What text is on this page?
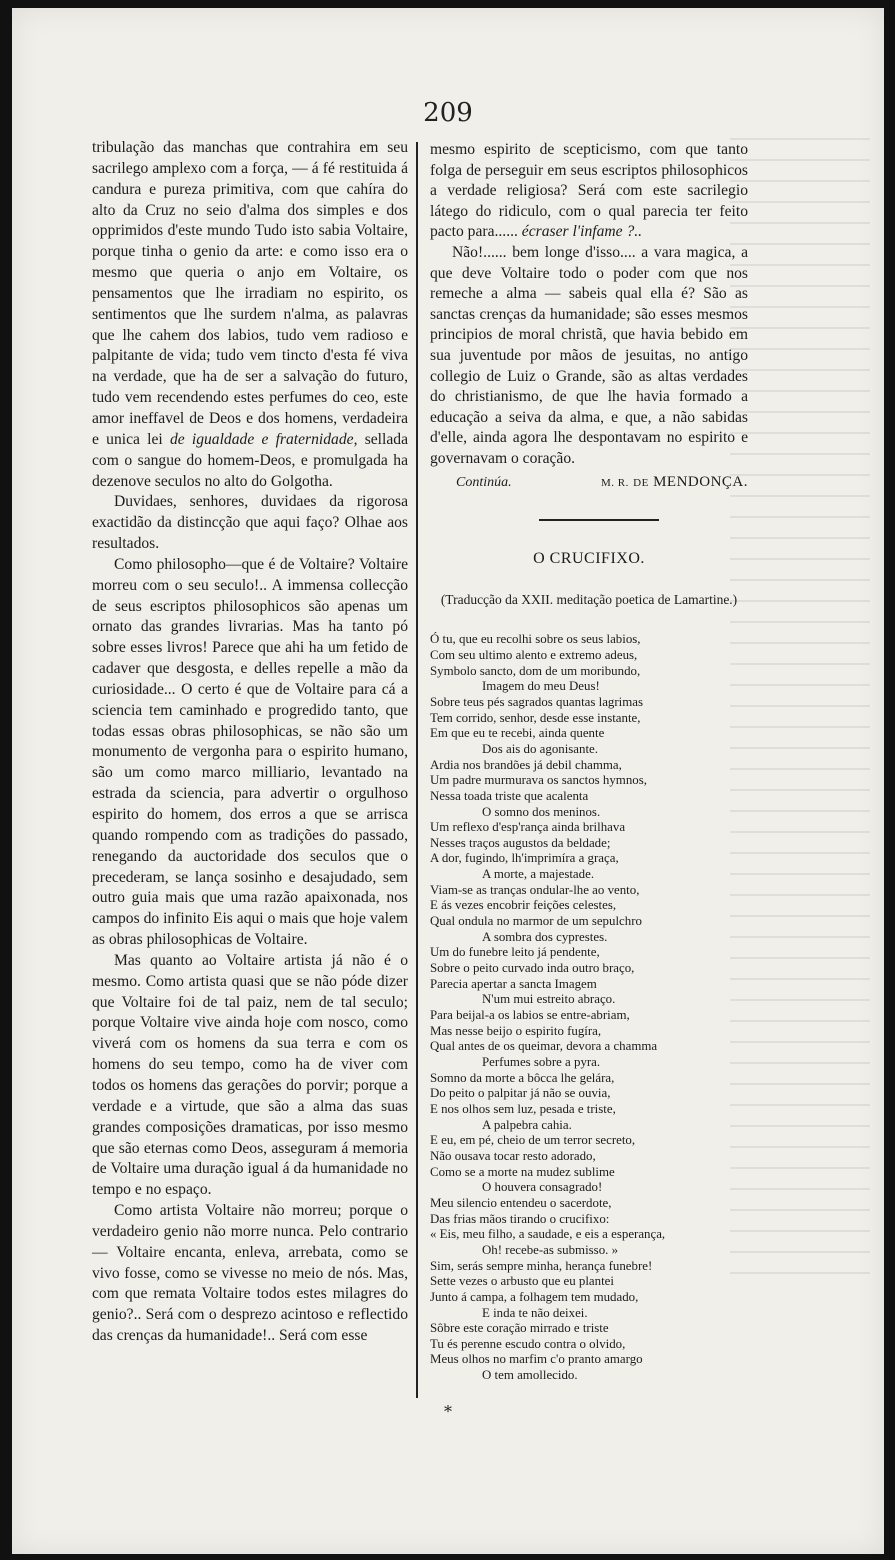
209

tribulação das manchas que contrahira em seu sacrilego amplexo com a força, — á fé restituida á candura e pureza primitiva, com que cahíra do alto da Cruz no seio d'alma dos simples e dos opprimidos d'este mundo Tudo isto sabia Voltaire, porque tinha o genio da arte: e como isso era o mesmo que queria o anjo em Voltaire, os pensamentos que lhe irradiam no espirito, os sentimentos que lhe surdem n'alma, as palavras que lhe cahem dos labios, tudo vem radioso e palpitante de vida; tudo vem tincto d'esta fé viva na verdade, que ha de ser a salvação do futuro, tudo vem recendendo estes perfumes do ceo, este amor ineffavel de Deos e dos homens, verdadeira e unica lei de igualdade e fraternidade, sellada com o sangue do homem-Deos, e promulgada ha dezenove seculos no alto do Golgotha.

Duvidaes, senhores, duvidaes da rigorosa exactidão da distincção que aqui faço? Olhae aos resultados.

Como philosopho—que é de Voltaire? Voltaire morreu com o seu seculo!.. A immensa collecção de seus escriptos philosophicos são apenas um ornato das grandes livrarias. Mas ha tanto pó sobre esses livros! Parece que ahi ha um fetido de cadaver que desgosta, e delles repelle a mão da curiosidade... O certo é que de Voltaire para cá a sciencia tem caminhado e progredido tanto, que todas essas obras philosophicas, se não são um monumento de vergonha para o espirito humano, são um como marco milliario, levantado na estrada da sciencia, para advertir o orgulhoso espirito do homem, dos erros a que se arrisca quando rompendo com as tradições do passado, renegando da auctoridade dos seculos que o precederam, se lança sosinho e desajudado, sem outro guia mais que uma razão apaixonada, nos campos do infinito Eis aqui o mais que hoje valem as obras philosophicas de Voltaire.

Mas quanto ao Voltaire artista já não é o mesmo. Como artista quasi que se não póde dizer que Voltaire foi de tal paiz, nem de tal seculo; porque Voltaire vive ainda hoje com nosco, como viverá com os homens da sua terra e com os homens do seu tempo, como ha de viver com todos os homens das gerações do porvir; porque a verdade e a virtude, que são a alma das suas grandes composições dramaticas, por isso mesmo que são eternas como Deos, asseguram á memoria de Voltaire uma duração igual á da humanidade no tempo e no espaço.

Como artista Voltaire não morreu; porque o verdadeiro genio não morre nunca. Pelo contrario — Voltaire encanta, enleva, arrebata, como se vivo fosse, como se vivesse no meio de nós. Mas, com que remata Voltaire todos estes milagres do genio?.. Será com o desprezo acintoso e reflectido das crenças da humanidade!.. Será com esse

mesmo espirito de scepticismo, com que tanto folga de perseguir em seus escriptos philosophicos a verdade religiosa? Será com este sacrilegio látego do ridiculo, com o qual parecia ter feito pacto para...... écraser l'infame ?..

Não!...... bem longe d'isso.... a vara magica, a que deve Voltaire todo o poder com que nos remeche a alma — sabeis qual ella é? São as sanctas crenças da humanidade; são esses mesmos principios de moral christã, que havia bebido em sua juventude por mãos de jesuitas, no antigo collegio de Luiz o Grande, são as altas verdades do christianismo, de que lhe havia formado a educação a seiva da alma, e que, a não sabidas d'elle, ainda agora lhe despontavam no espirito e governavam o coração.

Continúa.	M. R. DE MENDONÇA.
O CRUCIFIXO.
(Traducção da XXII. meditação poetica de Lamartine.)
Ó tu, que eu recolhi sobre os seus labios,
Com seu ultimo alento e extremo adeus,
Symbolo sancto, dom de um moribundo,
Imagem do meu Deus!
Sobre teus pés sagrados quantas lagrimas
Tem corrido, senhor, desde esse instante,
Em que eu te recebi, ainda quente
Dos ais do agonisante.
Ardia nos brandões já debil chamma,
Um padre murmurava os sanctos hymnos,
Nessa toada triste que acalenta
O somno dos meninos.
Um reflexo d'esp'rança ainda brilhava
Nesses traços augustos da beldade;
A dor, fugindo, lh'imprimíra a graça,
A morte, a majestade.
Viam-se as tranças ondular-lhe ao vento,
E ás vezes encobrir feições celestes,
Qual ondula no marmor de um sepulchro
A sombra dos cyprestes.
Um do funebre leito já pendente,
Sobre o peito curvado inda outro braço,
Parecia apertar a sancta Imagem
N'um mui estreito abraço.
Para beijal-a os labios se entre-abriam,
Mas nesse beijo o espirito fugíra,
Qual antes de os queimar, devora a chamma
Perfumes sobre a pyra.
Somno da morte a bôcca lhe gelára,
Do peito o palpitar já não se ouvia,
E nos olhos sem luz, pesada e triste,
A palpebra cahia.
E eu, em pé, cheio de um terror secreto,
Não ousava tocar resto adorado,
Como se a morte na mudez sublime
O houvera consagrado!
Meu silencio entendeu o sacerdote,
Das frias mãos tirando o crucifixo:
« Eis, meu filho, a saudade, e eis a esperança,
Oh! recebe-as submisso. »
Sim, serás sempre minha, herança funebre!
Sette vezes o arbusto que eu plantei
Junto á campa, a folhagem tem mudado,
E inda te não deixei.
Sôbre este coração mirrado e triste
Tu és perenne escudo contra o olvido,
Meus olhos no marfim c'o pranto amargo
O tem amollecido.
*
